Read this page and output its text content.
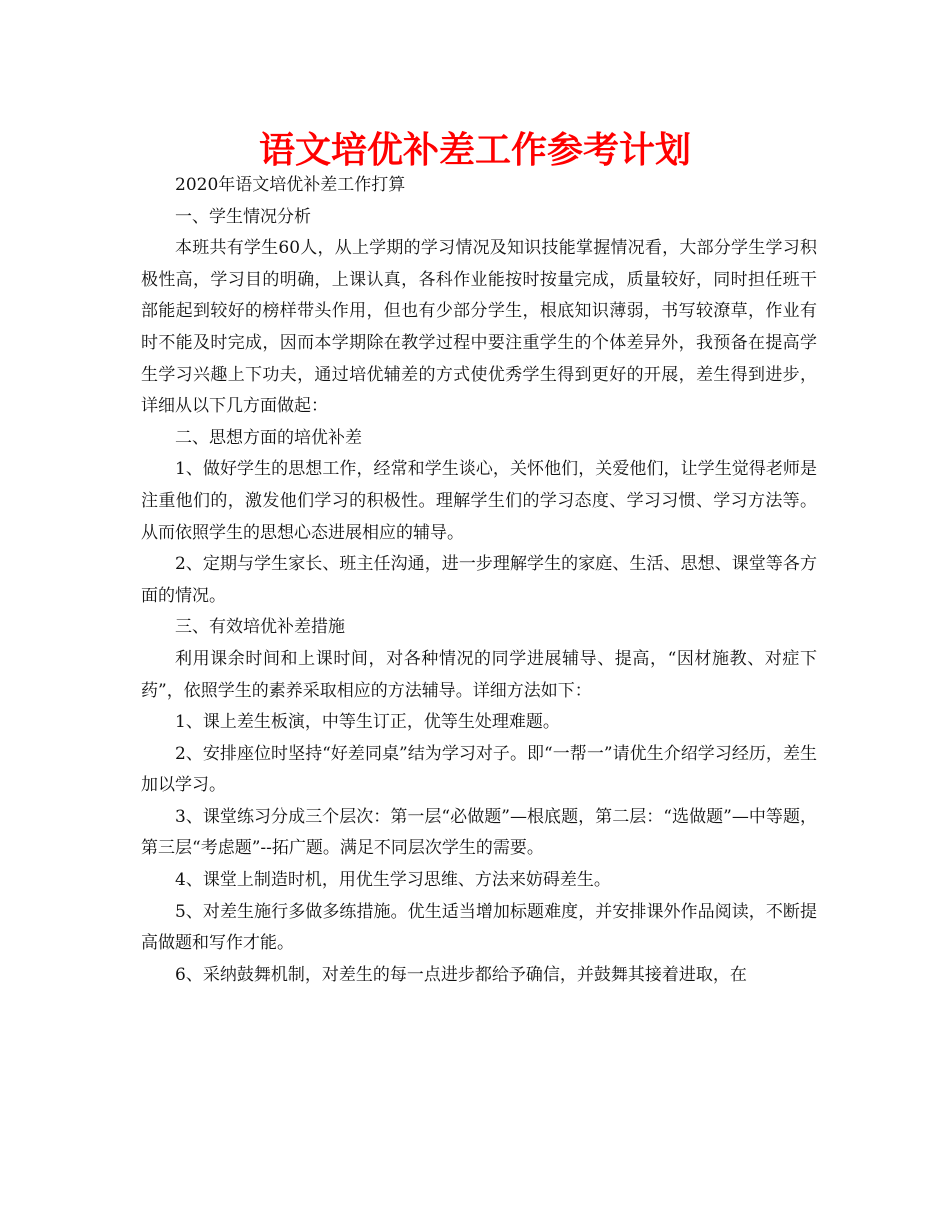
语文培优补差工作参考计划

2020年语文培优补差工作打算

一、学生情况分析

本班共有学生60人，从上学期的学习情况及知识技能掌握情况看，大部分学生学习积极性高，学习目的明确，上课认真，各科作业能按时按量完成，质量较好，同时担任班干部能起到较好的榜样带头作用，但也有少部分学生，根底知识薄弱，书写较潦草，作业有时不能及时完成，因而本学期除在教学过程中要注重学生的个体差异外，我预备在提高学生学习兴趣上下功夫，通过培优辅差的方式使优秀学生得到更好的开展，差生得到进步，详细从以下几方面做起：

二、思想方面的培优补差

1、做好学生的思想工作，经常和学生谈心，关怀他们，关爱他们，让学生觉得老师是注重他们的，激发他们学习的积极性。理解学生们的学习态度、学习习惯、学习方法等。从而依照学生的思想心态进展相应的辅导。

2、定期与学生家长、班主任沟通，进一步理解学生的家庭、生活、思想、课堂等各方面的情况。

三、有效培优补差措施

利用课余时间和上课时间，对各种情况的同学进展辅导、提高，“因材施教、对症下药”，依照学生的素养采取相应的方法辅导。详细方法如下：

1、课上差生板演，中等生订正，优等生处理难题。

2、安排座位时坚持“好差同桌”结为学习对子。即“一帮一”请优生介绍学习经历，差生加以学习。

3、课堂练习分成三个层次：第一层“必做题”—根底题，第二层：“选做题”—中等题，第三层“考虑题”--拓广题。满足不同层次学生的需要。

4、课堂上制造时机，用优生学习思维、方法来妨碍差生。

5、对差生施行多做多练措施。优生适当增加标题难度，并安排课外作品阅读，不断提高做题和写作才能。

6、采纳鼓舞机制，对差生的每一点进步都给予确信，并鼓舞其接着进取，在
